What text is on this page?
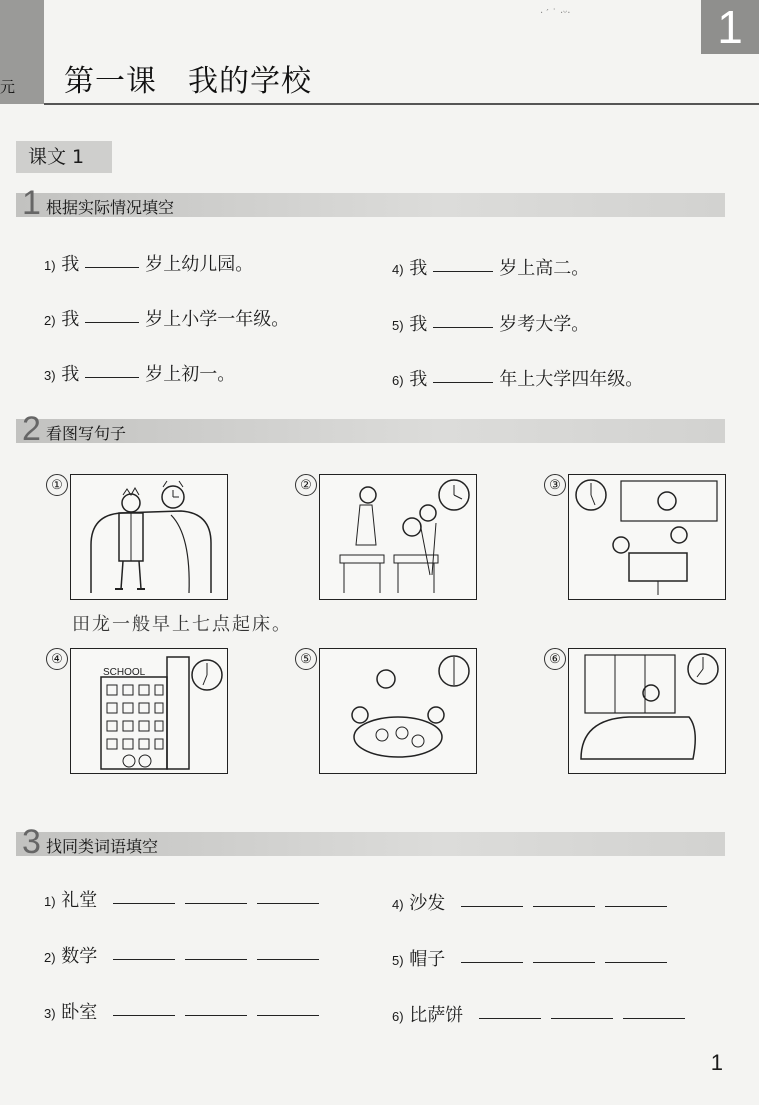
元
· ′ ˙ ·ᵕ·
第一课　我的学校
1
课文 1
1 根据实际情况填空
1) 我	岁上幼儿园。
2) 我	岁上小学一年级。
3) 我	岁上初一。
4) 我	岁上高二。
5) 我	岁考大学。
6) 我	年上大学四年级。
2 看图写句子
①	②	③
④	⑤	⑥
田龙一般早上七点起床。
SCHOOL
3 找同类词语填空
1) 礼堂
2) 数学
3) 卧室
4) 沙发
5) 帽子
6) 比萨饼
1
